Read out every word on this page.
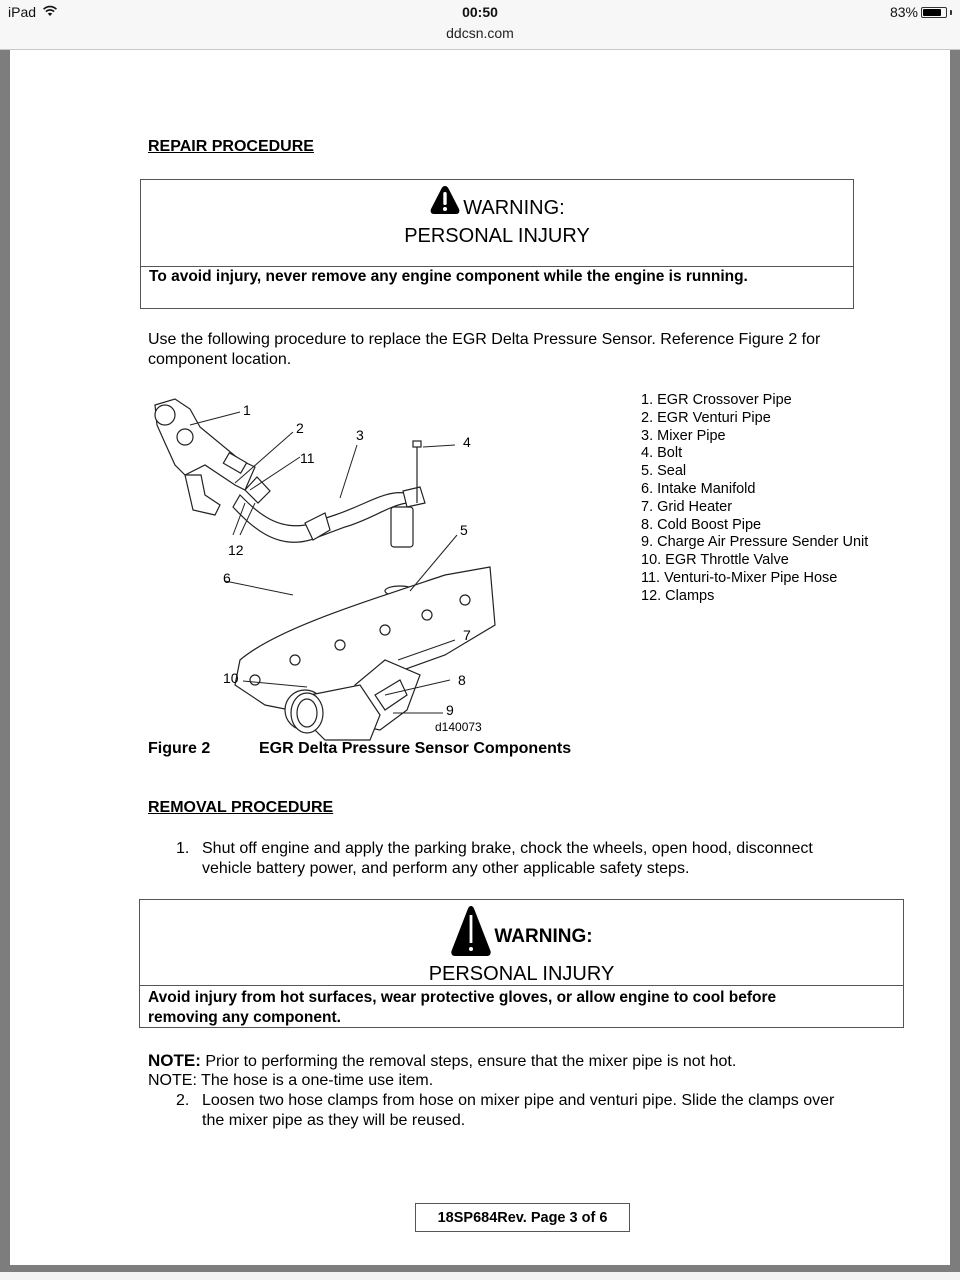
iPad	00:50	83%
ddcsn.com
REPAIR PROCEDURE
WARNING:
PERSONAL INJURY
To avoid injury, never remove any engine component while the engine is running.
Use the following procedure to replace the EGR Delta Pressure Sensor. Reference Figure 2 for
component location.
1
2	3	4
5
6
7
8
9
10
11
12
d140073
1. EGR Crossover Pipe
2. EGR Venturi Pipe
3. Mixer Pipe
4. Bolt
5. Seal
6. Intake Manifold
7. Grid Heater
8. Cold Boost Pipe
9. Charge Air Pressure Sender Unit
10. EGR Throttle Valve
11. Venturi-to-Mixer Pipe Hose
12. Clamps
Figure 2	EGR Delta Pressure Sensor Components
REMOVAL PROCEDURE
1. Shut off engine and apply the parking brake, chock the wheels, open hood, disconnect
vehicle battery power, and perform any other applicable safety steps.
WARNING:
PERSONAL INJURY
Avoid injury from hot surfaces, wear protective gloves, or allow engine to cool before
removing any component.
NOTE: Prior to performing the removal steps, ensure that the mixer pipe is not hot.
NOTE: The hose is a one-time use item.
2. Loosen two hose clamps from hose on mixer pipe and venturi pipe. Slide the clamps over
the mixer pipe as they will be reused.
18SP684Rev. Page 3 of 6
